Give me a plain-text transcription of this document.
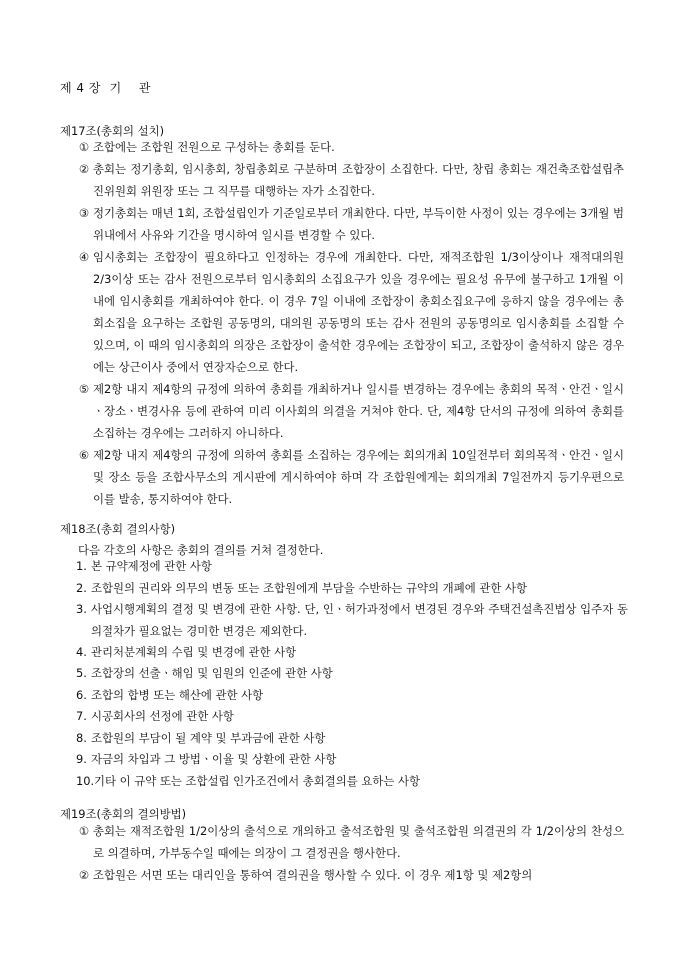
제 4 장  기    관
제17조(총회의 설치)
① 조합에는 조합원 전원으로 구성하는 총회를 둔다.
② 총회는 정기총회, 임시총회, 창립총회로 구분하며 조합장이 소집한다. 다만, 창립 총회는 재건축조합설립추진위원회 위원장 또는 그 직무를 대행하는 자가 소집한다.
③ 정기총회는 매년 1회, 조합설립인가 기준일로부터 개최한다. 다만, 부득이한 사정이 있는 경우에는 3개월 범위내에서 사유와 기간을 명시하여 일시를 변경할 수 있다.
④ 임시총회는 조합장이 필요하다고 인정하는 경우에 개최한다. 다만, 재적조합원 1/3이상이나 재적대의원 2/3이상 또는 감사 전원으로부터 임시총회의 소집요구가 있을 경우에는 필요성 유무에 불구하고 1개월 이내에 임시총회를 개최하여야 한다. 이 경우 7일 이내에 조합장이 총회소집요구에 응하지 않을 경우에는 총회소집을 요구하는 조합원 공동명의, 대의원 공동명의 또는 감사 전원의 공동명의로 임시총회를 소집할 수 있으며, 이 때의 임시총회의 의장은 조합장이 출석한 경우에는 조합장이 되고, 조합장이 출석하지 않은 경우에는 상근이사 중에서 연장자순으로 한다.
⑤ 제2항 내지 제4항의 규정에 의하여 총회를 개최하거나 일시를 변경하는 경우에는 총회의 목적ㆍ안건ㆍ일시ㆍ장소ㆍ변경사유 등에 관하여 미리 이사회의 의결을 거쳐야 한다. 단, 제4항 단서의 규정에 의하여 총회를 소집하는 경우에는 그러하지 아니하다.
⑥ 제2항 내지 제4항의 규정에 의하여 총회를 소집하는 경우에는 회의개최 10일전부터 회의목적ㆍ안건ㆍ일시 및 장소 등을 조합사무소의 게시판에 게시하여야 하며 각 조합원에게는 회의개최 7일전까지 등기우편으로 이를 발송, 통지하여야 한다.
제18조(총회 결의사항)
다음 각호의 사항은 총회의 결의를 거쳐 결정한다.
1. 본 규약제정에 관한 사항
2. 조합원의 권리와 의무의 변동 또는 조합원에게 부담을 수반하는 규약의 개폐에 관한 사항
3. 사업시행계획의 결정 및 변경에 관한 사항. 단, 인ㆍ허가과정에서 변경된 경우와 주택건설촉진법상 입주자 동의절차가 필요없는 경미한 변경은 제외한다.
4. 관리처분계획의 수립 및 변경에 관한 사항
5. 조합장의 선출ㆍ해임 및 임원의 인준에 관한 사항
6. 조합의 합병 또는 해산에 관한 사항
7. 시공회사의 선정에 관한 사항
8. 조합원의 부담이 될 계약 및 부과금에 관한 사항
9. 자금의 차입과 그 방법ㆍ이율 및 상환에 관한 사항
10. 기타 이 규약 또는 조합설립 인가조건에서 총회결의를 요하는 사항
제19조(총회의 결의방법)
① 총회는 재적조합원 1/2이상의 출석으로 개의하고 출석조합원 및 출석조합원 의결권의 각 1/2이상의 찬성으로 의결하며, 가부동수일 때에는 의장이 그 결정권을 행사한다.
② 조합원은 서면 또는 대리인을 통하여 결의권을 행사할 수 있다. 이 경우 제1항 및 제2항의
